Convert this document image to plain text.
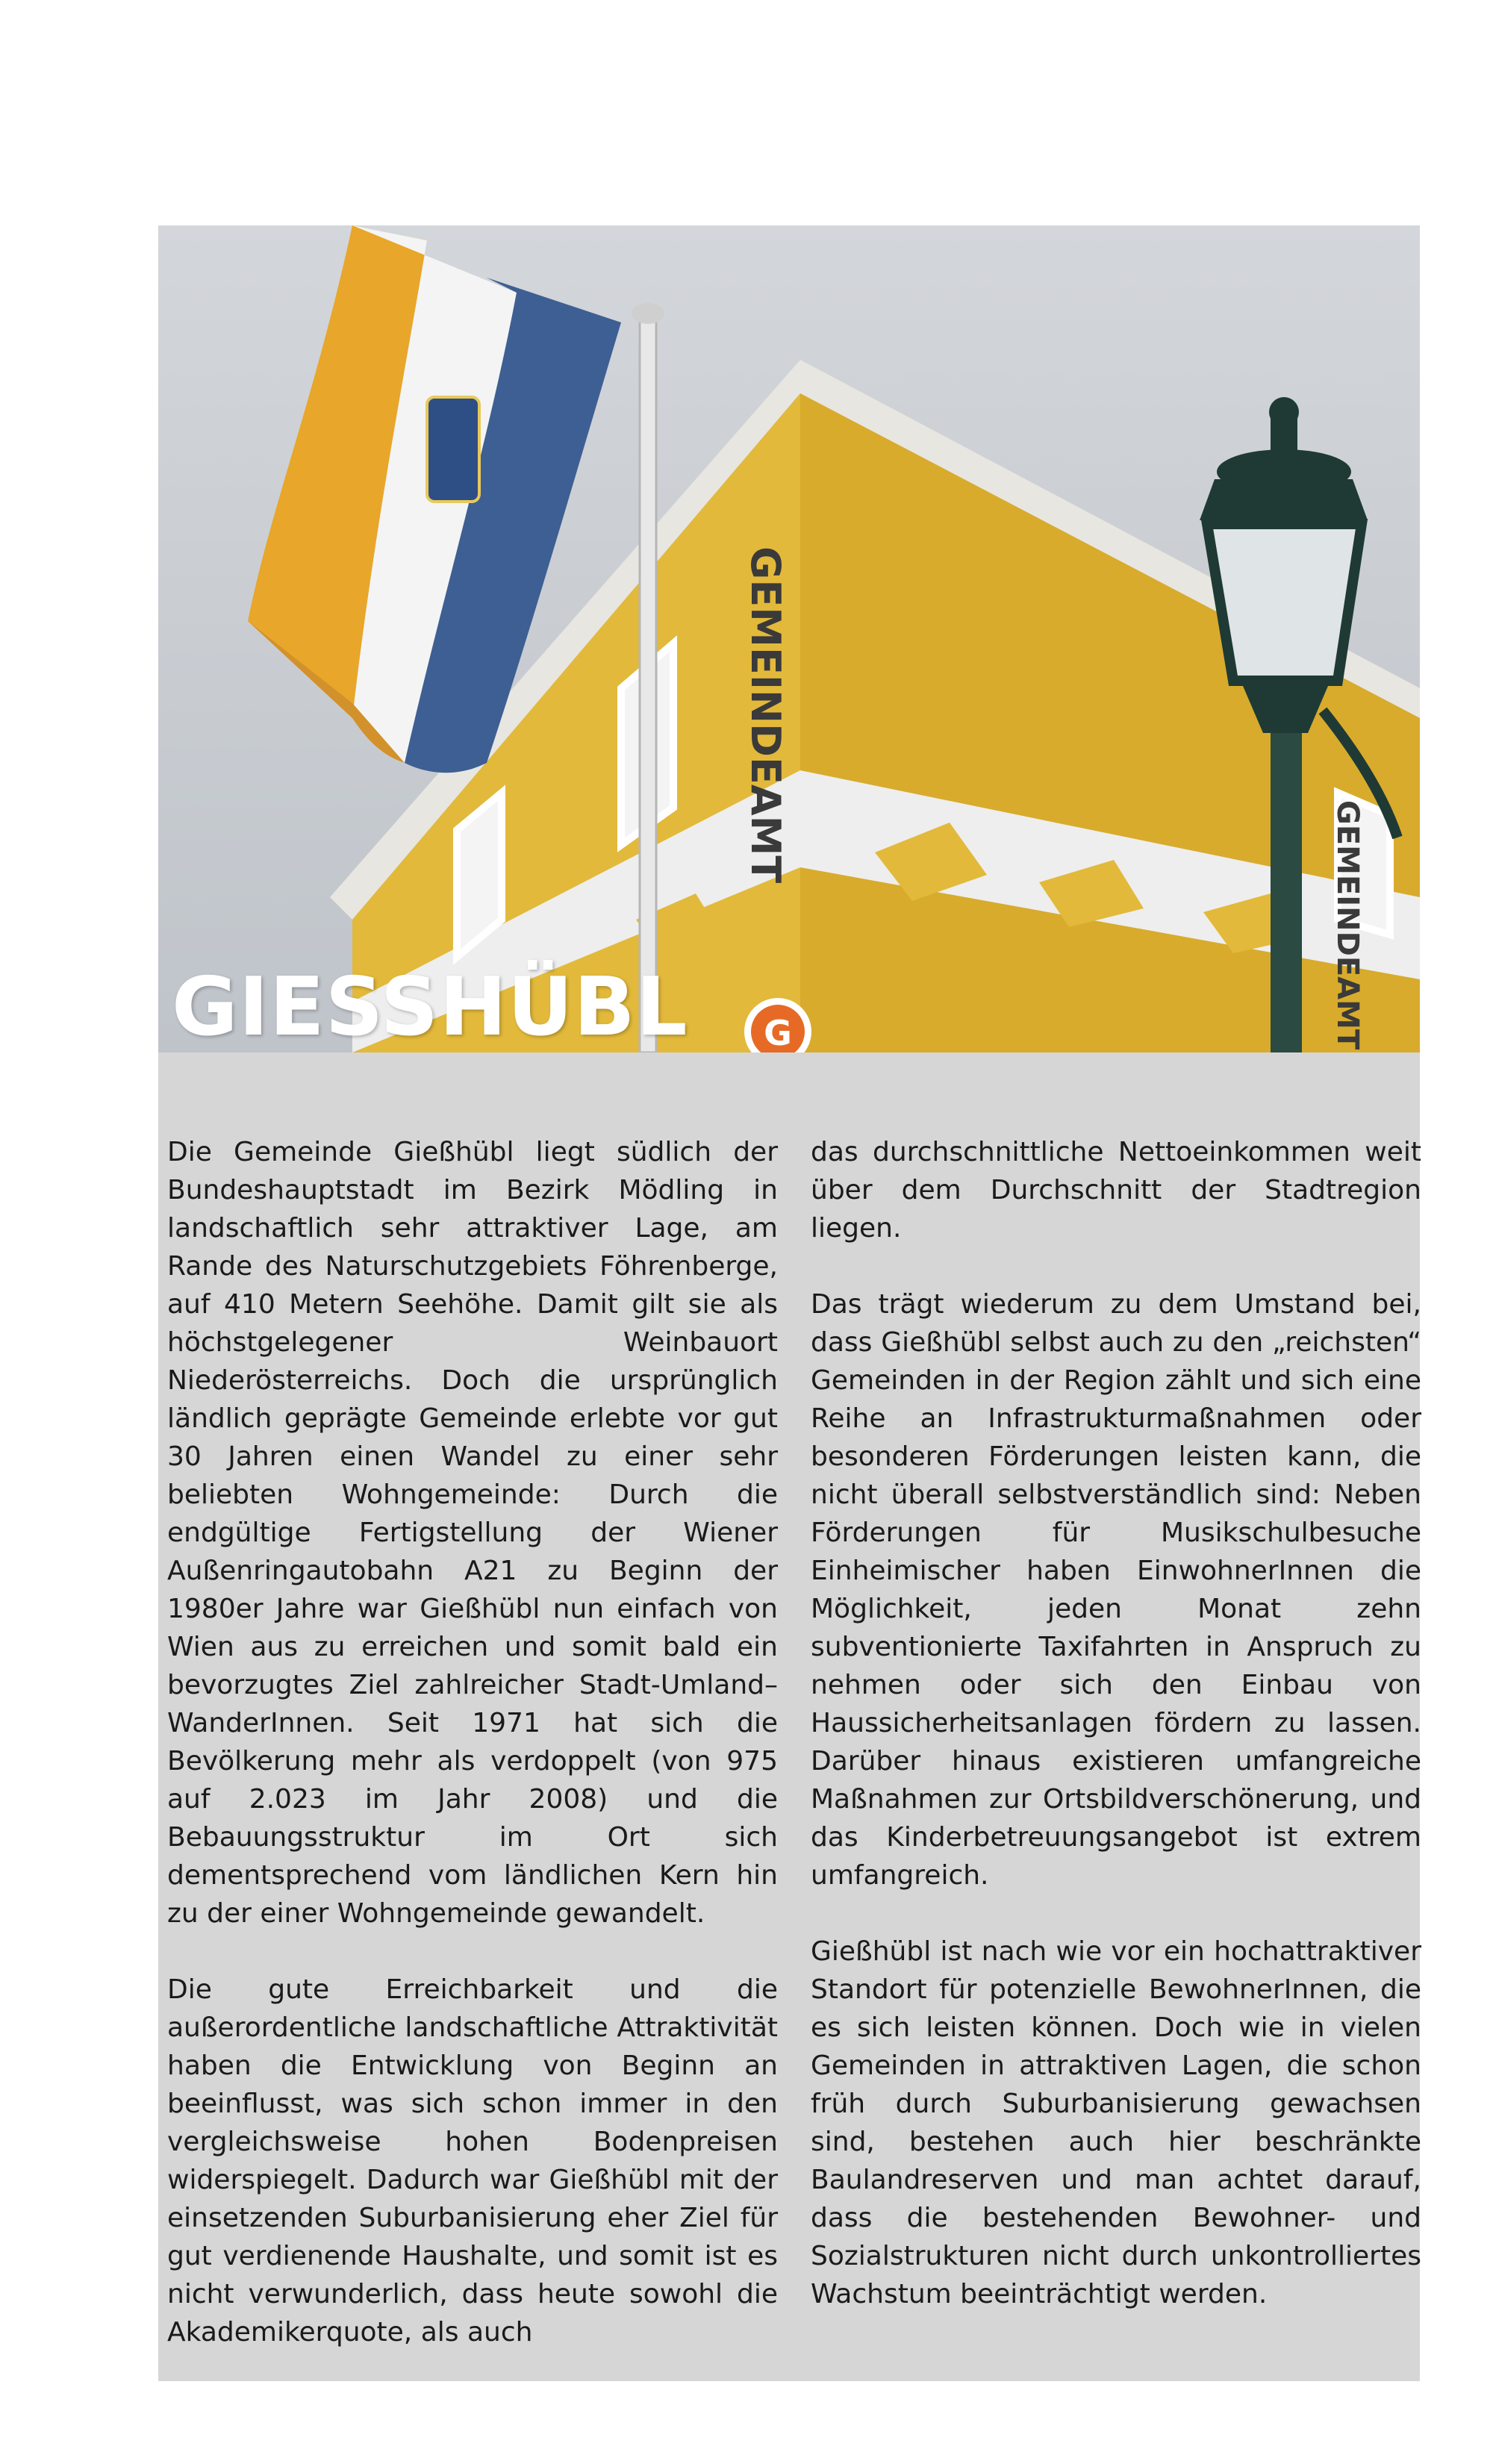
GEMEINDEAMT
GEMEINDEAMT
G
GIESSHÜBL

Die Gemeinde Gießhübl liegt südlich der Bundeshauptstadt im Bezirk Mödling in landschaftlich sehr attraktiver Lage, am Rande des Naturschutzgebiets Föhrenberge, auf 410 Metern Seehöhe. Damit gilt sie als höchstgelegener Weinbauort Niederösterreichs. Doch die ursprünglich ländlich geprägte Gemeinde erlebte vor gut 30 Jahren einen Wandel zu einer sehr beliebten Wohngemeinde: Durch die endgültige Fertigstellung der Wiener Außenringautobahn A21 zu Beginn der 1980er Jahre war Gießhübl nun einfach von Wien aus zu erreichen und somit bald ein bevorzugtes Ziel zahlreicher Stadt-Umland–WanderInnen. Seit 1971 hat sich die Bevölkerung mehr als verdoppelt (von 975 auf 2.023 im Jahr 2008) und die Bebauungsstruktur im Ort sich dementsprechend vom ländlichen Kern hin zu der einer Wohngemeinde gewandelt.

Die gute Erreichbarkeit und die außerordentliche landschaftliche Attraktivität haben die Entwicklung von Beginn an beeinflusst, was sich schon immer in den vergleichsweise hohen Bodenpreisen widerspiegelt. Dadurch war Gießhübl mit der einsetzenden Suburbanisierung eher Ziel für gut verdienende Haushalte, und somit ist es nicht verwunderlich, dass heute sowohl die Akademikerquote, als auch

das durchschnittliche Nettoeinkommen weit über dem Durchschnitt der Stadtregion liegen.

Das trägt wiederum zu dem Umstand bei, dass Gießhübl selbst auch zu den „reichsten“ Gemeinden in der Region zählt und sich eine Reihe an Infrastrukturmaßnahmen oder besonderen Förderungen leisten kann, die nicht überall selbstverständlich sind: Neben Förderungen für Musikschulbesuche Einheimischer haben EinwohnerInnen die Möglichkeit, jeden Monat zehn subventionierte Taxifahrten in Anspruch zu nehmen oder sich den Einbau von Haussicherheitsanlagen fördern zu lassen. Darüber hinaus existieren umfangreiche Maßnahmen zur Ortsbildverschönerung, und das Kinderbetreuungsangebot ist extrem umfangreich.

Gießhübl ist nach wie vor ein hochattraktiver Standort für potenzielle BewohnerInnen, die es sich leisten können. Doch wie in vielen Gemeinden in attraktiven Lagen, die schon früh durch Suburbanisierung gewachsen sind, bestehen auch hier beschränkte Baulandreserven und man achtet darauf, dass die bestehenden Bewohner- und Sozialstrukturen nicht durch unkontrolliertes Wachstum beeinträchtigt werden.
